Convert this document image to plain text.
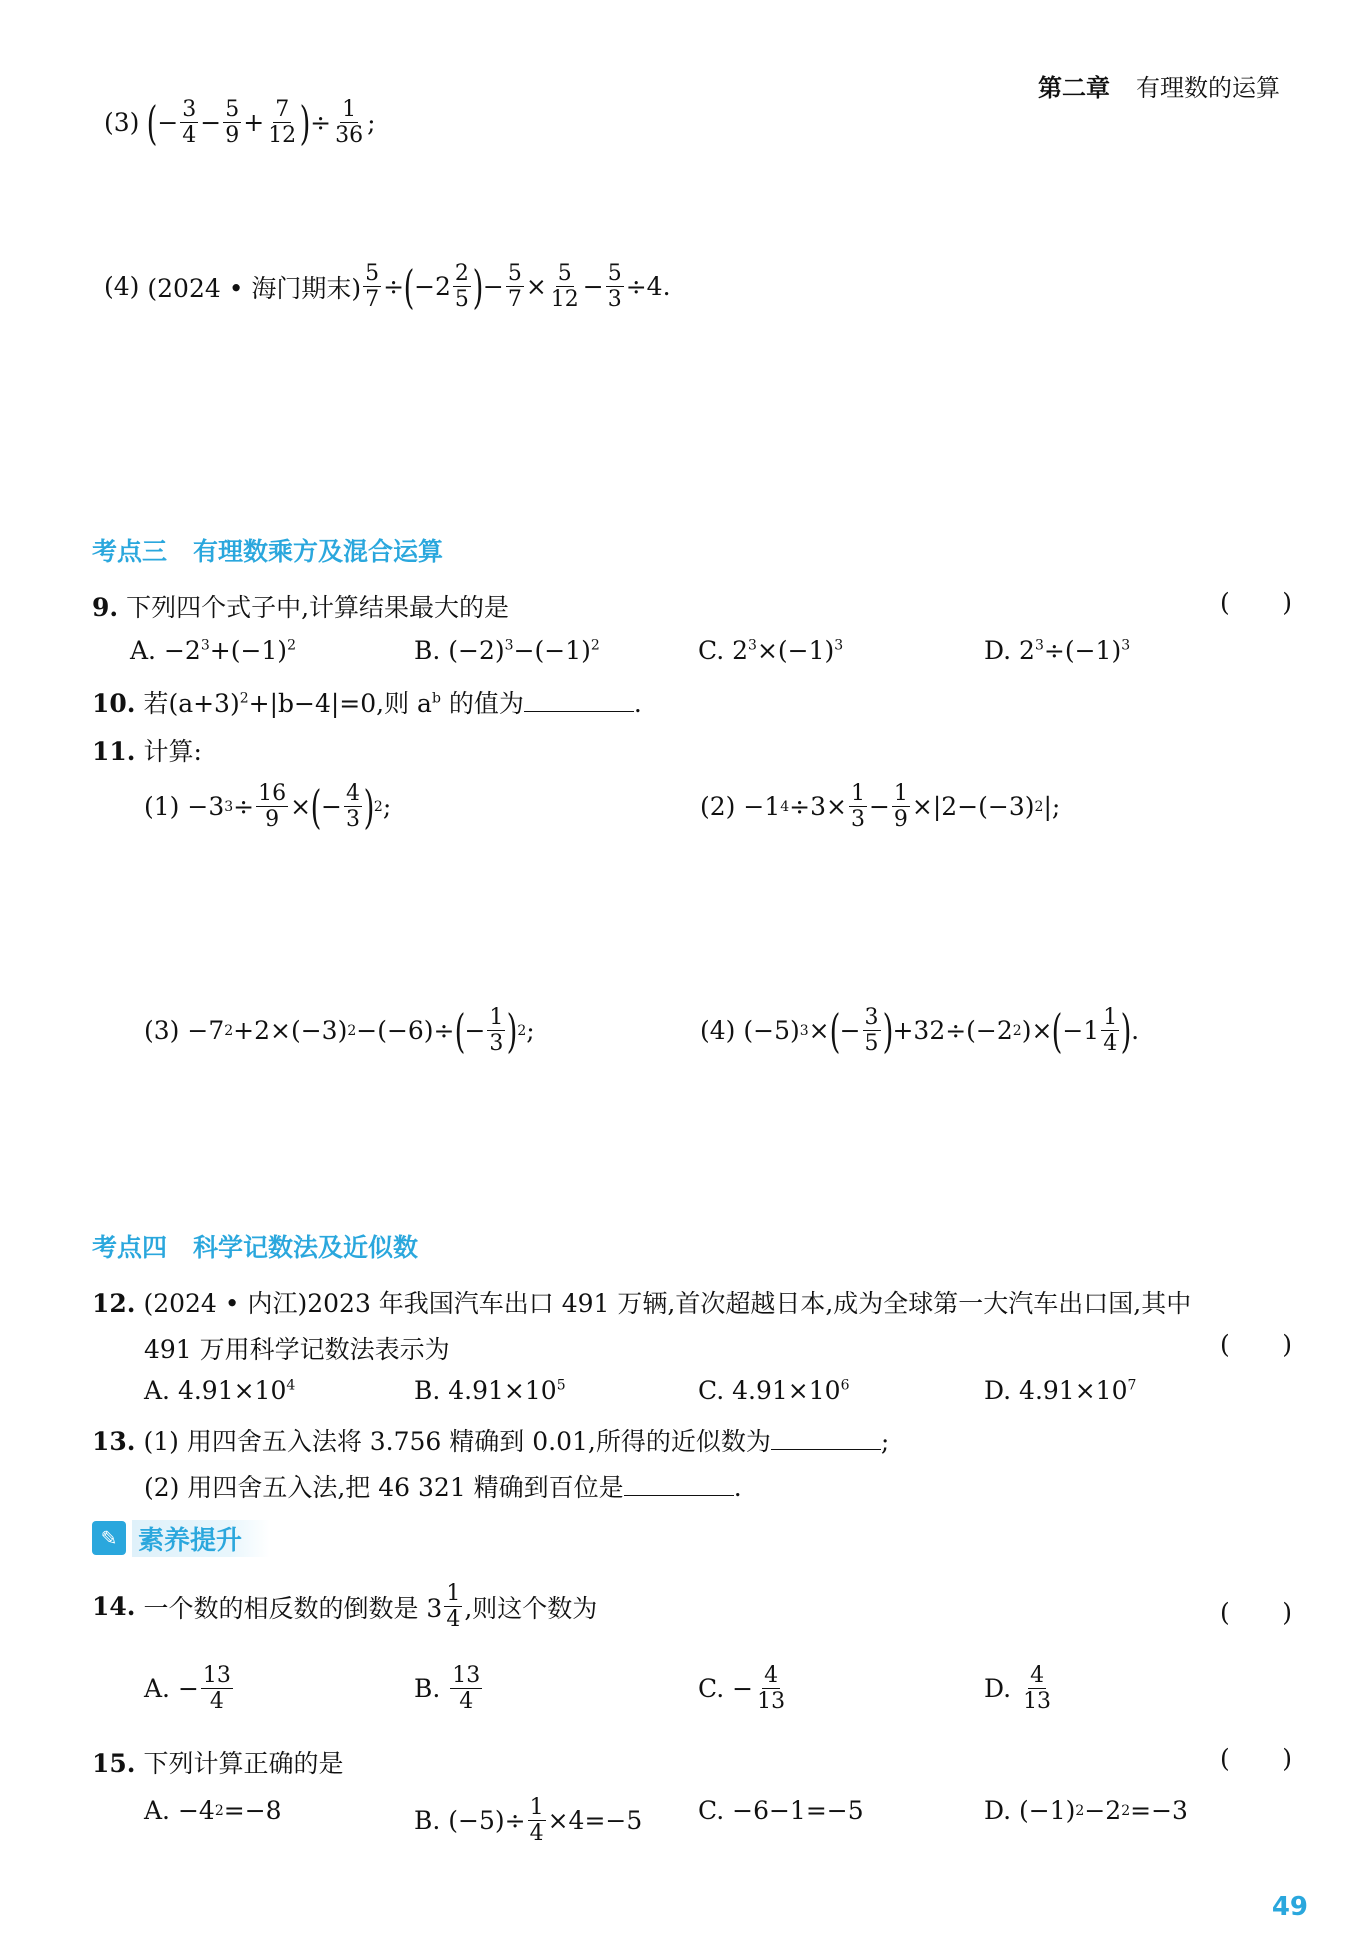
第二章 有理数的运算
(3)
( − $\frac{3}{4} - \frac{5}{9} + \frac{7}{12}$ ) ÷ $\frac{1}{36}$ ;
(4)
(2024 • 海门期末) $\frac{5}{7}$ ÷ ( $-2 \frac{2}{5}$ ) − $\frac{5}{7} \times \frac{5}{12} - \frac{5}{3} \div 4$.
考点三 有理数乘方及混合运算
9. 下列四个式子中,计算结果最大的是	( )
A. $-2^3+(-1)^2$	B. $(-2)^3-(-1)^2$	C. $2^3\times(-1)^3$	D. $2^3\div(-1)^3$
10. 若$(a+3)^2+|b-4|=0$,则 $a^b$ 的值为	.
11. 计算:
(1) −3 $3 \div \frac{16}{9}$ × ( − $\frac{4}{3}$ ) 2 ;	(2) −1 $4 \div 3\times \frac{1}{3} - \frac{1}{9} \times|2-(-3)$ 2 |;
(3) −7 2 +2×(−3) 2 −(−6)÷ ( − $\frac{1}{3}$ ) 2 ;	(4) (−5) 3 × ( − $\frac{3}{5}$ ) +32÷(−2 2 )× ( $-1 \frac{1}{4}$ ) .
考点四 科学记数法及近似数
12. (2024 • 内江)2023 年我国汽车出口 491 万辆,首次超越日本,成为全球第一大汽车出口国,其中
491 万用科学记数法表示为	( )
A. $4.91\times 10^4$	B. $4.91\times 10^5$	C. $4.91\times 10^6$	D. $4.91\times 10^7$
13. (1) 用四舍五入法将 3.756 精确到 0.01,所得的近似数为	;
(2) 用四舍五入法,把 46 321 精确到百位是	.
✎ 素养提升
14.
一个数的相反数的倒数是 $3 \frac{1}{4}$ ,则这个数为	( )
A. − $\frac{13}{4}$	B.
$\frac{13}{4}$	C. − $\frac{4}{13}$	D.
$\frac{4}{13}$
15. 下列计算正确的是	( )
A. −4 2 =−8	B. $(-5)\div \frac{1}{4} \times 4=-5$ C. −6−1=−5	D. (−1) 2 −2 2 =−3
49
